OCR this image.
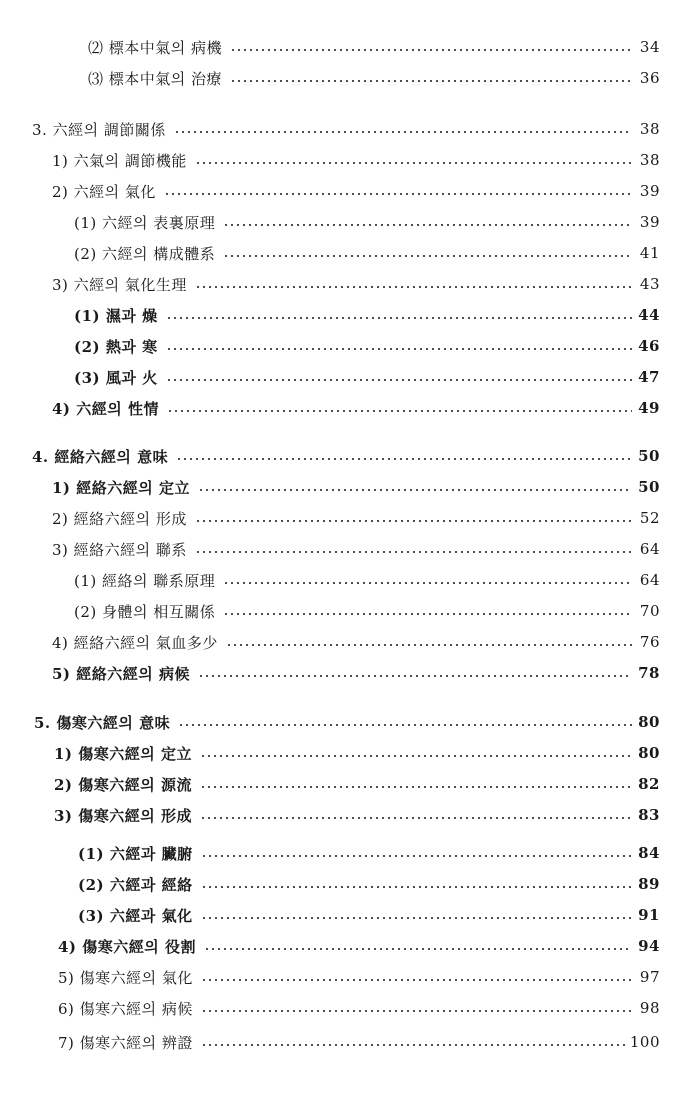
⑵ 標本中氣의 病機	34
⑶ 標本中氣의 治療	36
3. 六經의 調節關係	38
1) 六氣의 調節機能	38
2) 六經의 氣化	39
(1) 六經의 表裏原理	39
(2) 六經의 構成體系	41
3) 六經의 氣化生理	43
(1) 濕과 燥	44
(2) 熱과 寒	46
(3) 風과 火	47
4) 六經의 性情	49
4. 經絡六經의 意味	50
1) 經絡六經의 定立	50
2) 經絡六經의 形成	52
3) 經絡六經의 聯系	64
(1) 經絡의 聯系原理	64
(2) 身體의 相互關係	70
4) 經絡六經의 氣血多少	76
5) 經絡六經의 病候	78
5. 傷寒六經의 意味	80
1) 傷寒六經의 定立	80
2) 傷寒六經의 源流	82
3) 傷寒六經의 形成	83
(1) 六經과 臟腑	84
(2) 六經과 經絡	89
(3) 六經과 氣化	91
4) 傷寒六經의 役割	94
5) 傷寒六經의 氣化	97
6) 傷寒六經의 病候	98
7) 傷寒六經의 辨證	100
